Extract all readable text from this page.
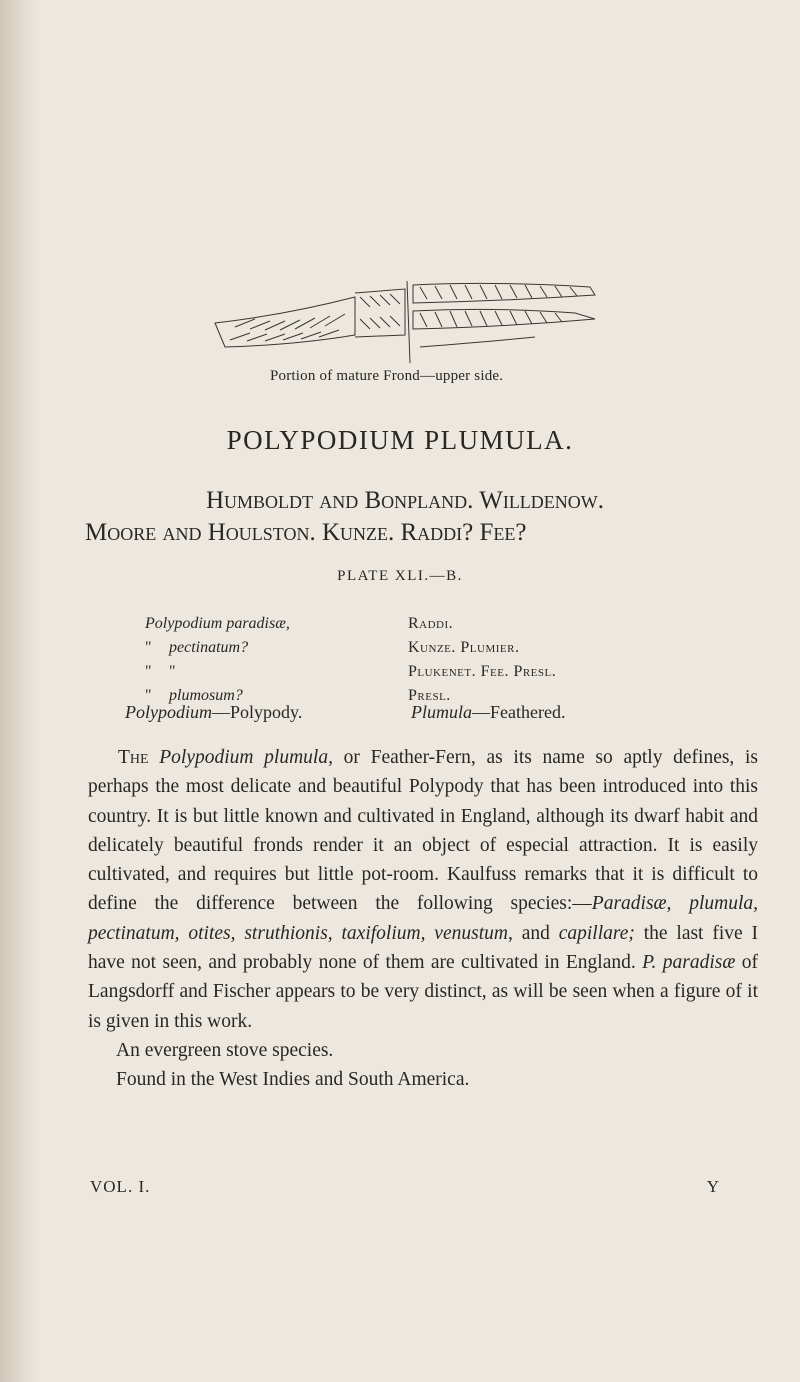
Portion of mature Frond—upper side.
POLYPODIUM PLUMULA.
Humboldt and Bonpland. Willdenow.
Moore and Houlston. Kunze. Raddi? Fee?
PLATE XLI.—B.
Polypodium paradisæ,
" pectinatum?
" "
" plumosum?
Raddi.
Kunze. Plumier.
Plukenet. Fee. Presl.
Presl.
Polypodium—Polypody.	Plumula—Feathered.

The Polypodium plumula, or Feather-Fern, as its name so aptly defines, is perhaps the most delicate and beautiful Polypody that has been introduced into this country. It is but little known and cultivated in England, although its dwarf habit and delicately beautiful fronds render it an object of especial attraction. It is easily cultivated, and requires but little pot-room. Kaulfuss remarks that it is difficult to define the difference between the following species:—Paradisæ, plumula, pectinatum, otites, struthionis, taxifolium, venustum, and capillare; the last five I have not seen, and probably none of them are cultivated in England. P. paradisæ of Langsdorff and Fischer appears to be very distinct, as will be seen when a figure of it is given in this work.

An evergreen stove species.

Found in the West Indies and South America.

VOL. I.	Y
